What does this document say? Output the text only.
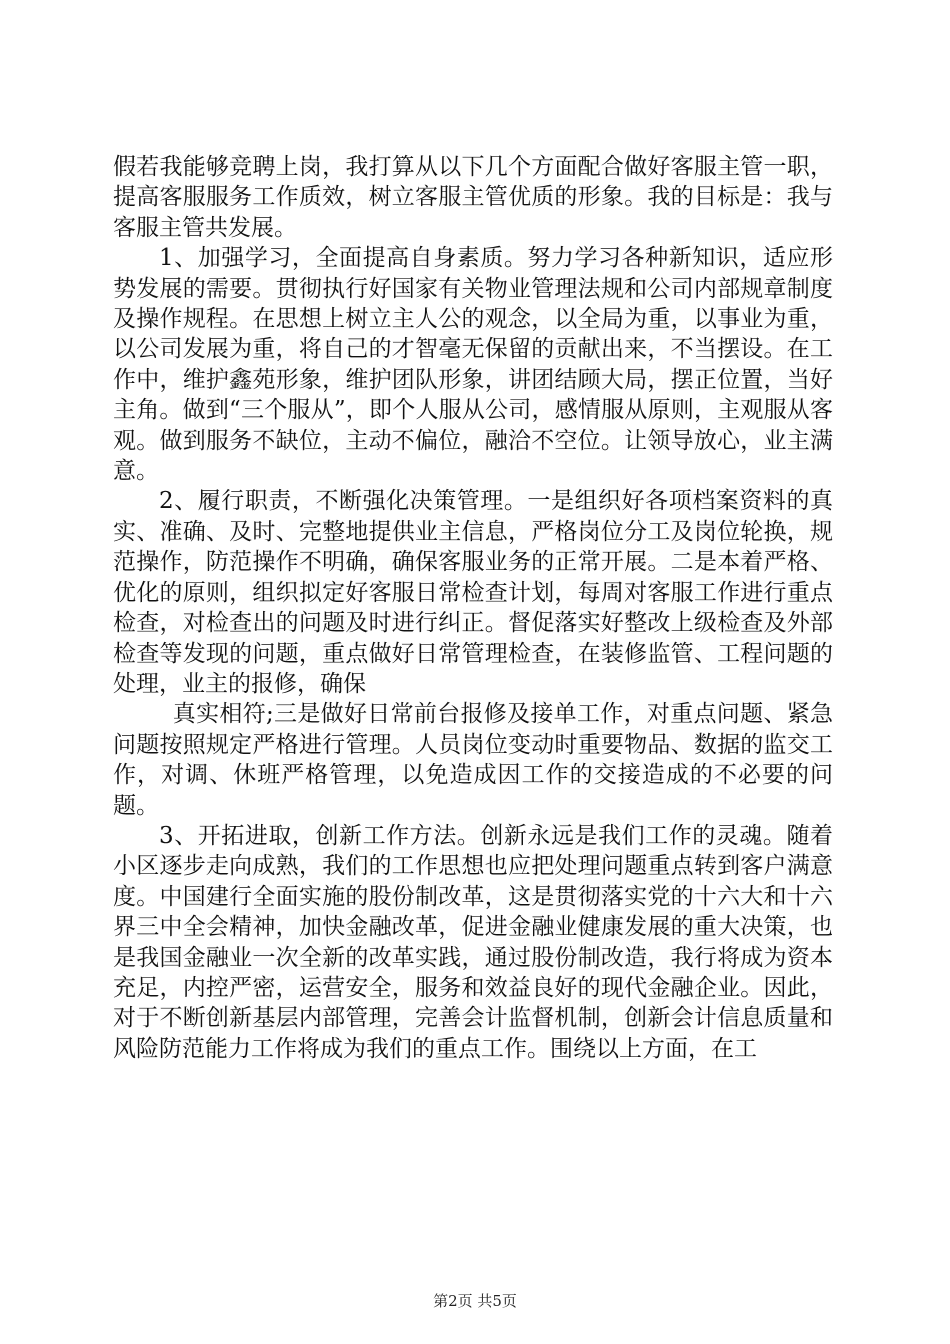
假若我能够竞聘上岗，我打算从以下几个方面配合做好客服主管一职，提高客服服务工作质效，树立客服主管优质的形象。我的目标是：我与客服主管共发展。

1、加强学习，全面提高自身素质。努力学习各种新知识，适应形势发展的需要。贯彻执行好国家有关物业管理法规和公司内部规章制度及操作规程。在思想上树立主人公的观念，以全局为重，以事业为重，以公司发展为重，将自己的才智毫无保留的贡献出来，不当摆设。在工作中，维护鑫苑形象，维护团队形象，讲团结顾大局，摆正位置，当好主角。做到“三个服从”，即个人服从公司，感情服从原则，主观服从客观。做到服务不缺位，主动不偏位，融洽不空位。让领导放心，业主满意。

2、履行职责，不断强化决策管理。一是组织好各项档案资料的真实、准确、及时、完整地提供业主信息，严格岗位分工及岗位轮换，规范操作，防范操作不明确，确保客服业务的正常开展。二是本着严格、优化的原则，组织拟定好客服日常检查计划，每周对客服工作进行重点检查，对检查出的问题及时进行纠正。督促落实好整改上级检查及外部检查等发现的问题，重点做好日常管理检查，在装修监管、工程问题的处理，业主的报修，确保

真实相符;三是做好日常前台报修及接单工作，对重点问题、紧急问题按照规定严格进行管理。人员岗位变动时重要物品、数据的监交工作，对调、休班严格管理，以免造成因工作的交接造成的不必要的问题。

3、开拓进取，创新工作方法。创新永远是我们工作的灵魂。随着小区逐步走向成熟，我们的工作思想也应把处理问题重点转到客户满意度。中国建行全面实施的股份制改革，这是贯彻落实党的十六大和十六界三中全会精神，加快金融改革，促进金融业健康发展的重大决策，也是我国金融业一次全新的改革实践，通过股份制改造，我行将成为资本充足，内控严密，运营安全，服务和效益良好的现代金融企业。因此，对于不断创新基层内部管理，完善会计监督机制，创新会计信息质量和风险防范能力工作将成为我们的重点工作。围绕以上方面，在工

第2页 共5页
